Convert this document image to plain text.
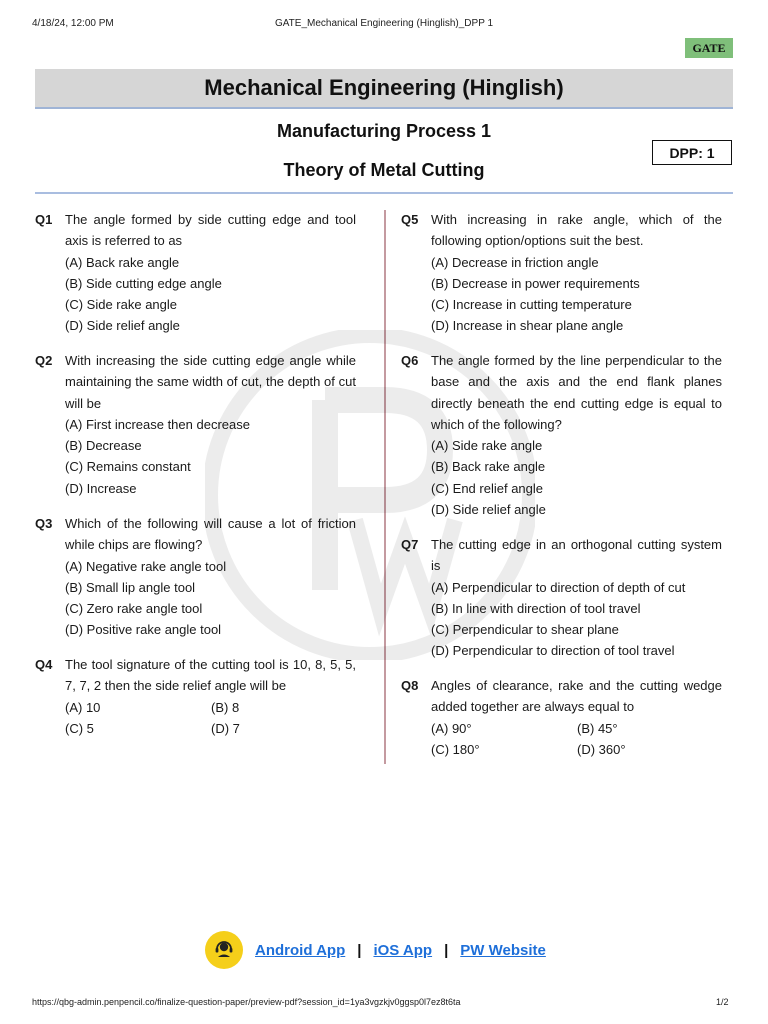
4/18/24, 12:00 PM	GATE_Mechanical Engineering (Hinglish)_DPP 1
GATE
Mechanical Engineering (Hinglish)
Manufacturing Process 1
Theory of Metal Cutting
DPP: 1
Q1 The angle formed by side cutting edge and tool axis is referred to as
(A) Back rake angle
(B) Side cutting edge angle
(C) Side rake angle
(D) Side relief angle
Q2 With increasing the side cutting edge angle while maintaining the same width of cut, the depth of cut will be
(A) First increase then decrease
(B) Decrease
(C) Remains constant
(D) Increase
Q3 Which of the following will cause a lot of friction while chips are flowing?
(A) Negative rake angle tool
(B) Small lip angle tool
(C) Zero rake angle tool
(D) Positive rake angle tool
Q4 The tool signature of the cutting tool is 10, 8, 5, 5, 7, 7, 2 then the side relief angle will be
(A) 10	(B) 8
(C) 5	(D) 7
Q5 With increasing in rake angle, which of the following option/options suit the best.
(A) Decrease in friction angle
(B) Decrease in power requirements
(C) Increase in cutting temperature
(D) Increase in shear plane angle
Q6 The angle formed by the line perpendicular to the base and the axis and the end flank planes directly beneath the end cutting edge is equal to which of the following?
(A) Side rake angle
(B) Back rake angle
(C) End relief angle
(D) Side relief angle
Q7 The cutting edge in an orthogonal cutting system is
(A) Perpendicular to direction of depth of cut
(B) In line with direction of tool travel
(C) Perpendicular to shear plane
(D) Perpendicular to direction of tool travel
Q8 Angles of clearance, rake and the cutting wedge added together are always equal to
(A) 90°	(B) 45°
(C) 180°	(D) 360°
Android App | iOS App | PW Website
https://qbg-admin.penpencil.co/finalize-question-paper/preview-pdf?session_id=1ya3vgzkjv0ggsp0l7ez8t6ta	1/2
